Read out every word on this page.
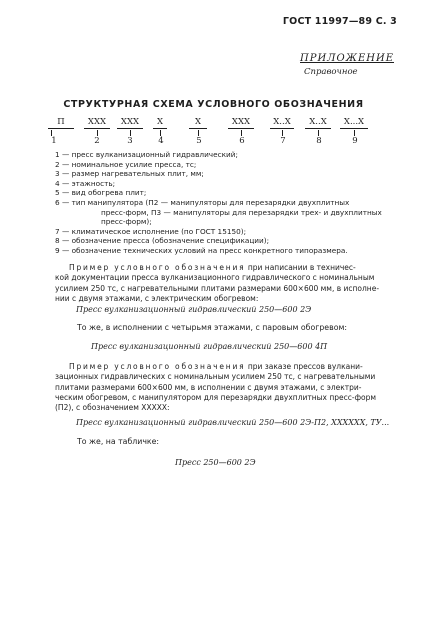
ГОСТ 11997—89 С. 3
ПРИЛОЖЕНИЕ
Справочное
СТРУКТУРНАЯ СХЕМА УСЛОВНОГО ОБОЗНАЧЕНИЯ
П	ХХХ	ХХХ	Х	Х	ХХХ	Х..Х	Х..Х	Х...Х
1	2	3	4	5	6	7	8	9
1 — пресс вулканизационный гидравлический;
2 — номинальное усилие пресса, тс;
3 — размер нагревательных плит, мм;
4 — этажность;
5 — вид обогрева плит;
6 — тип манипулятора (П2 — манипуляторы для перезарядки двухплитных
пресс-форм, П3 — манипуляторы для перезарядки трех- и двухплитных
пресс-форм);
7 — климатическое исполнение (по ГОСТ 15150);
8 — обозначение пресса (обозначение спецификации);
9 — обозначение технических условий на пресс конкретного типоразмера.
Пример условного обозначения при написании в техничес-
кой документации пресса вулканизационного гидравлического с номинальным
усилием 250 тс, с нагревательными плитами размерами 600×600 мм, в исполне-
нии с двумя этажами, с электрическим обогревом:
Пресс вулканизационный гидравлический 250—600 2Э
То же, в исполнении с четырьмя этажами, с паровым обогревом:
Пресс вулканизационный гидравлический 250—600 4П
Пример условного обозначения при заказе прессов вулкани-
зационных гидравлических с номинальным усилием 250 тс, с нагревательными
плитами размерами 600×600 мм, в исполнении с двумя этажами, с электри-
ческим обогревом, с манипулятором для перезарядки двухплитных пресс-форм
(П2), с обозначением ХХХХХ:
Пресс вулканизационный гидравлический 250—600 2Э-П2, ХХХХХХ, ТУ...
То же, на табличке:
Пресс 250—600 2Э
